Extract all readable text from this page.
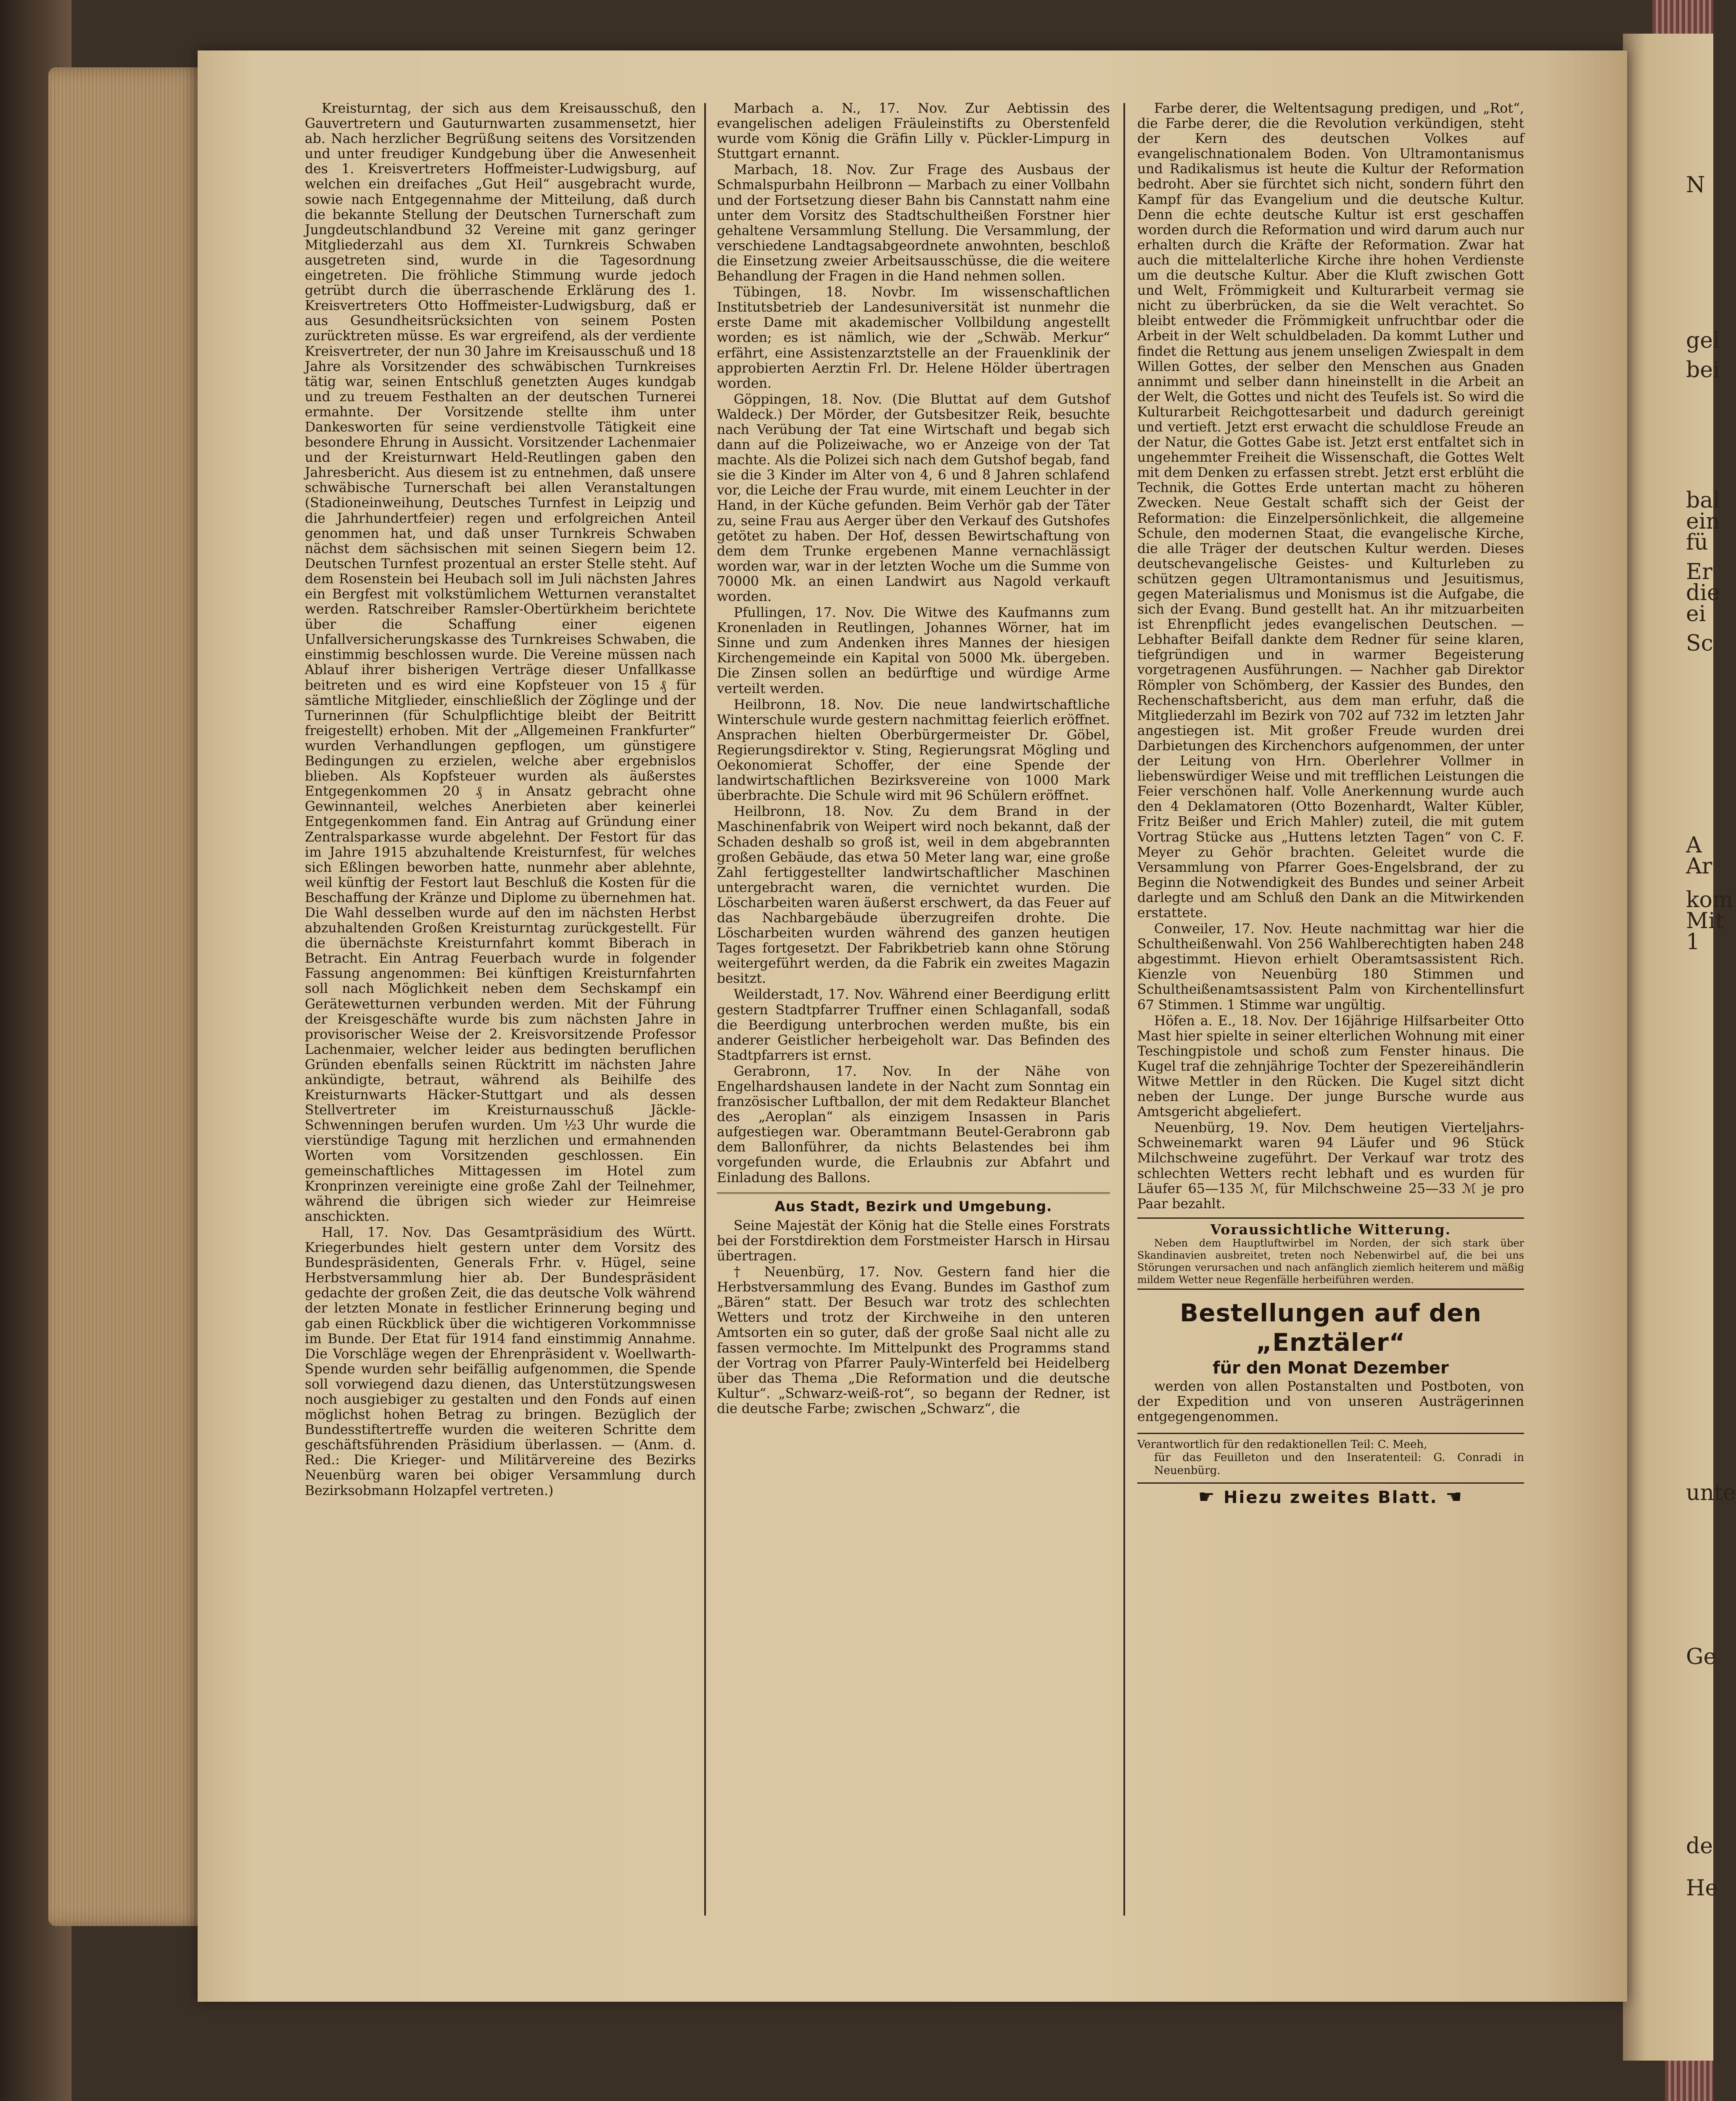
N
gel
bei
bal
ein
fü
Er
die
ei
Sc
A
Ar
kom
Mit
1
unte
Ge
de
He

Kreisturntag, der sich aus dem Kreisausschuß, den Gauvertretern und Gauturnwarten zusammensetzt, hier ab. Nach herzlicher Begrüßung seitens des Vorsitzenden und unter freudiger Kundgebung über die Anwesenheit des 1. Kreisvertreters Hoffmeister-Ludwigsburg, auf welchen ein dreifaches „Gut Heil“ ausgebracht wurde, sowie nach Entgegennahme der Mitteilung, daß durch die bekannte Stellung der Deutschen Turnerschaft zum Jungdeutschlandbund 32 Vereine mit ganz geringer Mitgliederzahl aus dem XI. Turnkreis Schwaben ausgetreten sind, wurde in die Tagesordnung eingetreten. Die fröhliche Stimmung wurde jedoch getrübt durch die überraschende Erklärung des 1. Kreisvertreters Otto Hoffmeister-Ludwigsburg, daß er aus Gesundheitsrücksichten von seinem Posten zurücktreten müsse. Es war ergreifend, als der verdiente Kreisvertreter, der nun 30 Jahre im Kreisausschuß und 18 Jahre als Vorsitzender des schwäbischen Turnkreises tätig war, seinen Entschluß genetzten Auges kundgab und zu treuem Festhalten an der deutschen Turnerei ermahnte. Der Vorsitzende stellte ihm unter Dankesworten für seine verdienstvolle Tätigkeit eine besondere Ehrung in Aussicht. Vorsitzender Lachenmaier und der Kreisturnwart Held-Reutlingen gaben den Jahresbericht. Aus diesem ist zu entnehmen, daß unsere schwäbische Turnerschaft bei allen Veranstaltungen (Stadioneinweihung, Deutsches Turnfest in Leipzig und die Jahrhundertfeier) regen und erfolgreichen Anteil genommen hat, und daß unser Turnkreis Schwaben nächst dem sächsischen mit seinen Siegern beim 12. Deutschen Turnfest prozentual an erster Stelle steht. Auf dem Rosenstein bei Heubach soll im Juli nächsten Jahres ein Bergfest mit volkstümlichem Wetturnen veranstaltet werden. Ratschreiber Ramsler-Obertürkheim berichtete über die Schaffung einer eigenen Unfallversicherungskasse des Turnkreises Schwaben, die einstimmig beschlossen wurde. Die Vereine müssen nach Ablauf ihrer bisherigen Verträge dieser Unfallkasse beitreten und es wird eine Kopfsteuer von 15 ₰ für sämtliche Mitglieder, einschließlich der Zöglinge und der Turnerinnen (für Schulpflichtige bleibt der Beitritt freigestellt) erhoben. Mit der „Allgemeinen Frankfurter“ wurden Verhandlungen gepflogen, um günstigere Bedingungen zu erzielen, welche aber ergebnislos blieben. Als Kopfsteuer wurden als äußerstes Entgegenkommen 20 ₰ in Ansatz gebracht ohne Gewinnanteil, welches Anerbieten aber keinerlei Entgegenkommen fand. Ein Antrag auf Gründung einer Zentralsparkasse wurde abgelehnt. Der Festort für das im Jahre 1915 abzuhaltende Kreisturnfest, für welches sich Eßlingen beworben hatte, nunmehr aber ablehnte, weil künftig der Festort laut Beschluß die Kosten für die Beschaffung der Kränze und Diplome zu übernehmen hat. Die Wahl desselben wurde auf den im nächsten Herbst abzuhaltenden Großen Kreisturntag zurückgestellt. Für die übernächste Kreisturnfahrt kommt Biberach in Betracht. Ein Antrag Feuerbach wurde in folgender Fassung angenommen: Bei künftigen Kreisturnfahrten soll nach Möglichkeit neben dem Sechskampf ein Gerätewetturnen verbunden werden. Mit der Führung der Kreisgeschäfte wurde bis zum nächsten Jahre in provisorischer Weise der 2. Kreisvorsitzende Professor Lachenmaier, welcher leider aus bedingten beruflichen Gründen ebenfalls seinen Rücktritt im nächsten Jahre ankündigte, betraut, während als Beihilfe des Kreisturnwarts Häcker-Stuttgart und als dessen Stellvertreter im Kreisturnausschuß Jäckle-Schwenningen berufen wurden. Um ½3 Uhr wurde die vierstündige Tagung mit herzlichen und ermahnenden Worten vom Vorsitzenden geschlossen. Ein gemeinschaftliches Mittagessen im Hotel zum Kronprinzen vereinigte eine große Zahl der Teilnehmer, während die übrigen sich wieder zur Heimreise anschickten.

Hall, 17. Nov. Das Gesamtpräsidium des Württ. Kriegerbundes hielt gestern unter dem Vorsitz des Bundespräsidenten, Generals Frhr. v. Hügel, seine Herbstversammlung hier ab. Der Bundespräsident gedachte der großen Zeit, die das deutsche Volk während der letzten Monate in festlicher Erinnerung beging und gab einen Rückblick über die wichtigeren Vorkommnisse im Bunde. Der Etat für 1914 fand einstimmig Annahme. Die Vorschläge wegen der Ehrenpräsident v. Woellwarth-Spende wurden sehr beifällig aufgenommen, die Spende soll vorwiegend dazu dienen, das Unterstützungswesen noch ausgiebiger zu gestalten und den Fonds auf einen möglichst hohen Betrag zu bringen. Bezüglich der Bundesstiftertreffe wurden die weiteren Schritte dem geschäftsführenden Präsidium überlassen. — (Anm. d. Red.: Die Krieger- und Militärvereine des Bezirks Neuenbürg waren bei obiger Versammlung durch Bezirksobmann Holzapfel vertreten.)

Marbach a. N., 17. Nov. Zur Aebtissin des evangelischen adeligen Fräuleinstifts zu Oberstenfeld wurde vom König die Gräfin Lilly v. Pückler-Limpurg in Stuttgart ernannt.

Marbach, 18. Nov. Zur Frage des Ausbaus der Schmalspurbahn Heilbronn — Marbach zu einer Vollbahn und der Fortsetzung dieser Bahn bis Cannstatt nahm eine unter dem Vorsitz des Stadtschultheißen Forstner hier gehaltene Versammlung Stellung. Die Versammlung, der verschiedene Landtagsabgeordnete anwohnten, beschloß die Einsetzung zweier Arbeitsausschüsse, die die weitere Behandlung der Fragen in die Hand nehmen sollen.

Tübingen, 18. Novbr. Im wissenschaftlichen Institutsbetrieb der Landesuniversität ist nunmehr die erste Dame mit akademischer Vollbildung angestellt worden; es ist nämlich, wie der „Schwäb. Merkur“ erfährt, eine Assistenzarztstelle an der Frauenklinik der approbierten Aerztin Frl. Dr. Helene Hölder übertragen worden.

Göppingen, 18. Nov. (Die Bluttat auf dem Gutshof Waldeck.) Der Mörder, der Gutsbesitzer Reik, besuchte nach Verübung der Tat eine Wirtschaft und begab sich dann auf die Polizeiwache, wo er Anzeige von der Tat machte. Als die Polizei sich nach dem Gutshof begab, fand sie die 3 Kinder im Alter von 4, 6 und 8 Jahren schlafend vor, die Leiche der Frau wurde, mit einem Leuchter in der Hand, in der Küche gefunden. Beim Verhör gab der Täter zu, seine Frau aus Aerger über den Verkauf des Gutshofes getötet zu haben. Der Hof, dessen Bewirtschaftung von dem dem Trunke ergebenen Manne vernachlässigt worden war, war in der letzten Woche um die Summe von 70000 Mk. an einen Landwirt aus Nagold verkauft worden.

Pfullingen, 17. Nov. Die Witwe des Kaufmanns zum Kronenladen in Reutlingen, Johannes Wörner, hat im Sinne und zum Andenken ihres Mannes der hiesigen Kirchengemeinde ein Kapital von 5000 Mk. übergeben. Die Zinsen sollen an bedürftige und würdige Arme verteilt werden.

Heilbronn, 18. Nov. Die neue landwirtschaftliche Winterschule wurde gestern nachmittag feierlich eröffnet. Ansprachen hielten Oberbürgermeister Dr. Göbel, Regierungsdirektor v. Sting, Regierungsrat Mögling und Oekonomierat Schoffer, der eine Spende der landwirtschaftlichen Bezirksvereine von 1000 Mark überbrachte. Die Schule wird mit 96 Schülern eröffnet.

Heilbronn, 18. Nov. Zu dem Brand in der Maschinenfabrik von Weipert wird noch bekannt, daß der Schaden deshalb so groß ist, weil in dem abgebrannten großen Gebäude, das etwa 50 Meter lang war, eine große Zahl fertiggestellter landwirtschaftlicher Maschinen untergebracht waren, die vernichtet wurden. Die Löscharbeiten waren äußerst erschwert, da das Feuer auf das Nachbargebäude überzugreifen drohte. Die Löscharbeiten wurden während des ganzen heutigen Tages fortgesetzt. Der Fabrikbetrieb kann ohne Störung weitergeführt werden, da die Fabrik ein zweites Magazin besitzt.

Weilderstadt, 17. Nov. Während einer Beerdigung erlitt gestern Stadtpfarrer Truffner einen Schlaganfall, sodaß die Beerdigung unterbrochen werden mußte, bis ein anderer Geistlicher herbeigeholt war. Das Befinden des Stadtpfarrers ist ernst.

Gerabronn, 17. Nov. In der Nähe von Engelhardshausen landete in der Nacht zum Sonntag ein französischer Luftballon, der mit dem Redakteur Blanchet des „Aeroplan“ als einzigem Insassen in Paris aufgestiegen war. Oberamtmann Beutel-Gerabronn gab dem Ballonführer, da nichts Belastendes bei ihm vorgefunden wurde, die Erlaubnis zur Abfahrt und Einladung des Ballons.

Aus Stadt, Bezirk und Umgebung.

Seine Majestät der König hat die Stelle eines Forstrats bei der Forstdirektion dem Forstmeister Harsch in Hirsau übertragen.

† Neuenbürg, 17. Nov. Gestern fand hier die Herbstversammlung des Evang. Bundes im Gasthof zum „Bären“ statt. Der Besuch war trotz des schlechten Wetters und trotz der Kirchweihe in den unteren Amtsorten ein so guter, daß der große Saal nicht alle zu fassen vermochte. Im Mittelpunkt des Programms stand der Vortrag von Pfarrer Pauly-Winterfeld bei Heidelberg über das Thema „Die Reformation und die deutsche Kultur“. „Schwarz-weiß-rot“, so begann der Redner, ist die deutsche Farbe; zwischen „Schwarz“, die

Farbe derer, die Weltentsagung predigen, und „Rot“, die Farbe derer, die die Revolution verkündigen, steht der Kern des deutschen Volkes auf evangelischnationalem Boden. Von Ultramontanismus und Radikalismus ist heute die Kultur der Reformation bedroht. Aber sie fürchtet sich nicht, sondern führt den Kampf für das Evangelium und die deutsche Kultur. Denn die echte deutsche Kultur ist erst geschaffen worden durch die Reformation und wird darum auch nur erhalten durch die Kräfte der Reformation. Zwar hat auch die mittelalterliche Kirche ihre hohen Verdienste um die deutsche Kultur. Aber die Kluft zwischen Gott und Welt, Frömmigkeit und Kulturarbeit vermag sie nicht zu überbrücken, da sie die Welt verachtet. So bleibt entweder die Frömmigkeit unfruchtbar oder die Arbeit in der Welt schuldbeladen. Da kommt Luther und findet die Rettung aus jenem unseligen Zwiespalt in dem Willen Gottes, der selber den Menschen aus Gnaden annimmt und selber dann hineinstellt in die Arbeit an der Welt, die Gottes und nicht des Teufels ist. So wird die Kulturarbeit Reichgottesarbeit und dadurch gereinigt und vertieft. Jetzt erst erwacht die schuldlose Freude an der Natur, die Gottes Gabe ist. Jetzt erst entfaltet sich in ungehemmter Freiheit die Wissenschaft, die Gottes Welt mit dem Denken zu erfassen strebt. Jetzt erst erblüht die Technik, die Gottes Erde untertan macht zu höheren Zwecken. Neue Gestalt schafft sich der Geist der Reformation: die Einzelpersönlichkeit, die allgemeine Schule, den modernen Staat, die evangelische Kirche, die alle Träger der deutschen Kultur werden. Dieses deutschevangelische Geistes- und Kulturleben zu schützen gegen Ultramontanismus und Jesuitismus, gegen Materialismus und Monismus ist die Aufgabe, die sich der Evang. Bund gestellt hat. An ihr mitzuarbeiten ist Ehrenpflicht jedes evangelischen Deutschen. — Lebhafter Beifall dankte dem Redner für seine klaren, tiefgründigen und in warmer Begeisterung vorgetragenen Ausführungen. — Nachher gab Direktor Römpler von Schömberg, der Kassier des Bundes, den Rechenschaftsbericht, aus dem man erfuhr, daß die Mitgliederzahl im Bezirk von 702 auf 732 im letzten Jahr angestiegen ist. Mit großer Freude wurden drei Darbietungen des Kirchenchors aufgenommen, der unter der Leitung von Hrn. Oberlehrer Vollmer in liebenswürdiger Weise und mit trefflichen Leistungen die Feier verschönen half. Volle Anerkennung wurde auch den 4 Deklamatoren (Otto Bozenhardt, Walter Kübler, Fritz Beißer und Erich Mahler) zuteil, die mit gutem Vortrag Stücke aus „Huttens letzten Tagen“ von C. F. Meyer zu Gehör brachten. Geleitet wurde die Versammlung von Pfarrer Goes-Engelsbrand, der zu Beginn die Notwendigkeit des Bundes und seiner Arbeit darlegte und am Schluß den Dank an die Mitwirkenden erstattete.

Conweiler, 17. Nov. Heute nachmittag war hier die Schultheißenwahl. Von 256 Wahlberechtigten haben 248 abgestimmt. Hievon erhielt Oberamtsassistent Rich. Kienzle von Neuenbürg 180 Stimmen und Schultheißenamtsassistent Palm von Kirchentellinsfurt 67 Stimmen. 1 Stimme war ungültig.

Höfen a. E., 18. Nov. Der 16jährige Hilfsarbeiter Otto Mast hier spielte in seiner elterlichen Wohnung mit einer Teschingpistole und schoß zum Fenster hinaus. Die Kugel traf die zehnjährige Tochter der Spezereihändlerin Witwe Mettler in den Rücken. Die Kugel sitzt dicht neben der Lunge. Der junge Bursche wurde aus Amtsgericht abgeliefert.

Neuenbürg, 19. Nov. Dem heutigen Vierteljahrs-Schweinemarkt waren 94 Läufer und 96 Stück Milchschweine zugeführt. Der Verkauf war trotz des schlechten Wetters recht lebhaft und es wurden für Läufer 65—135 ℳ, für Milchschweine 25—33 ℳ je pro Paar bezahlt.

Voraussichtliche Witterung.
Neben dem Hauptluftwirbel im Norden, der sich stark über Skandinavien ausbreitet, treten noch Nebenwirbel auf, die bei uns Störungen verursachen und nach anfänglich ziemlich heiterem und mäßig mildem Wetter neue Regenfälle herbeiführen werden.
Bestellungen auf den „Enztäler“
für den Monat Dezember

werden von allen Postanstalten und Postboten, von der Expedition und von unseren Austrägerinnen entgegengenommen.

Verantwortlich für den redaktionellen Teil: C. Meeh,
für das Feuilleton und den Inseratenteil: G. Conradi in Neuenbürg.
☛ Hiezu zweites Blatt. ☚
